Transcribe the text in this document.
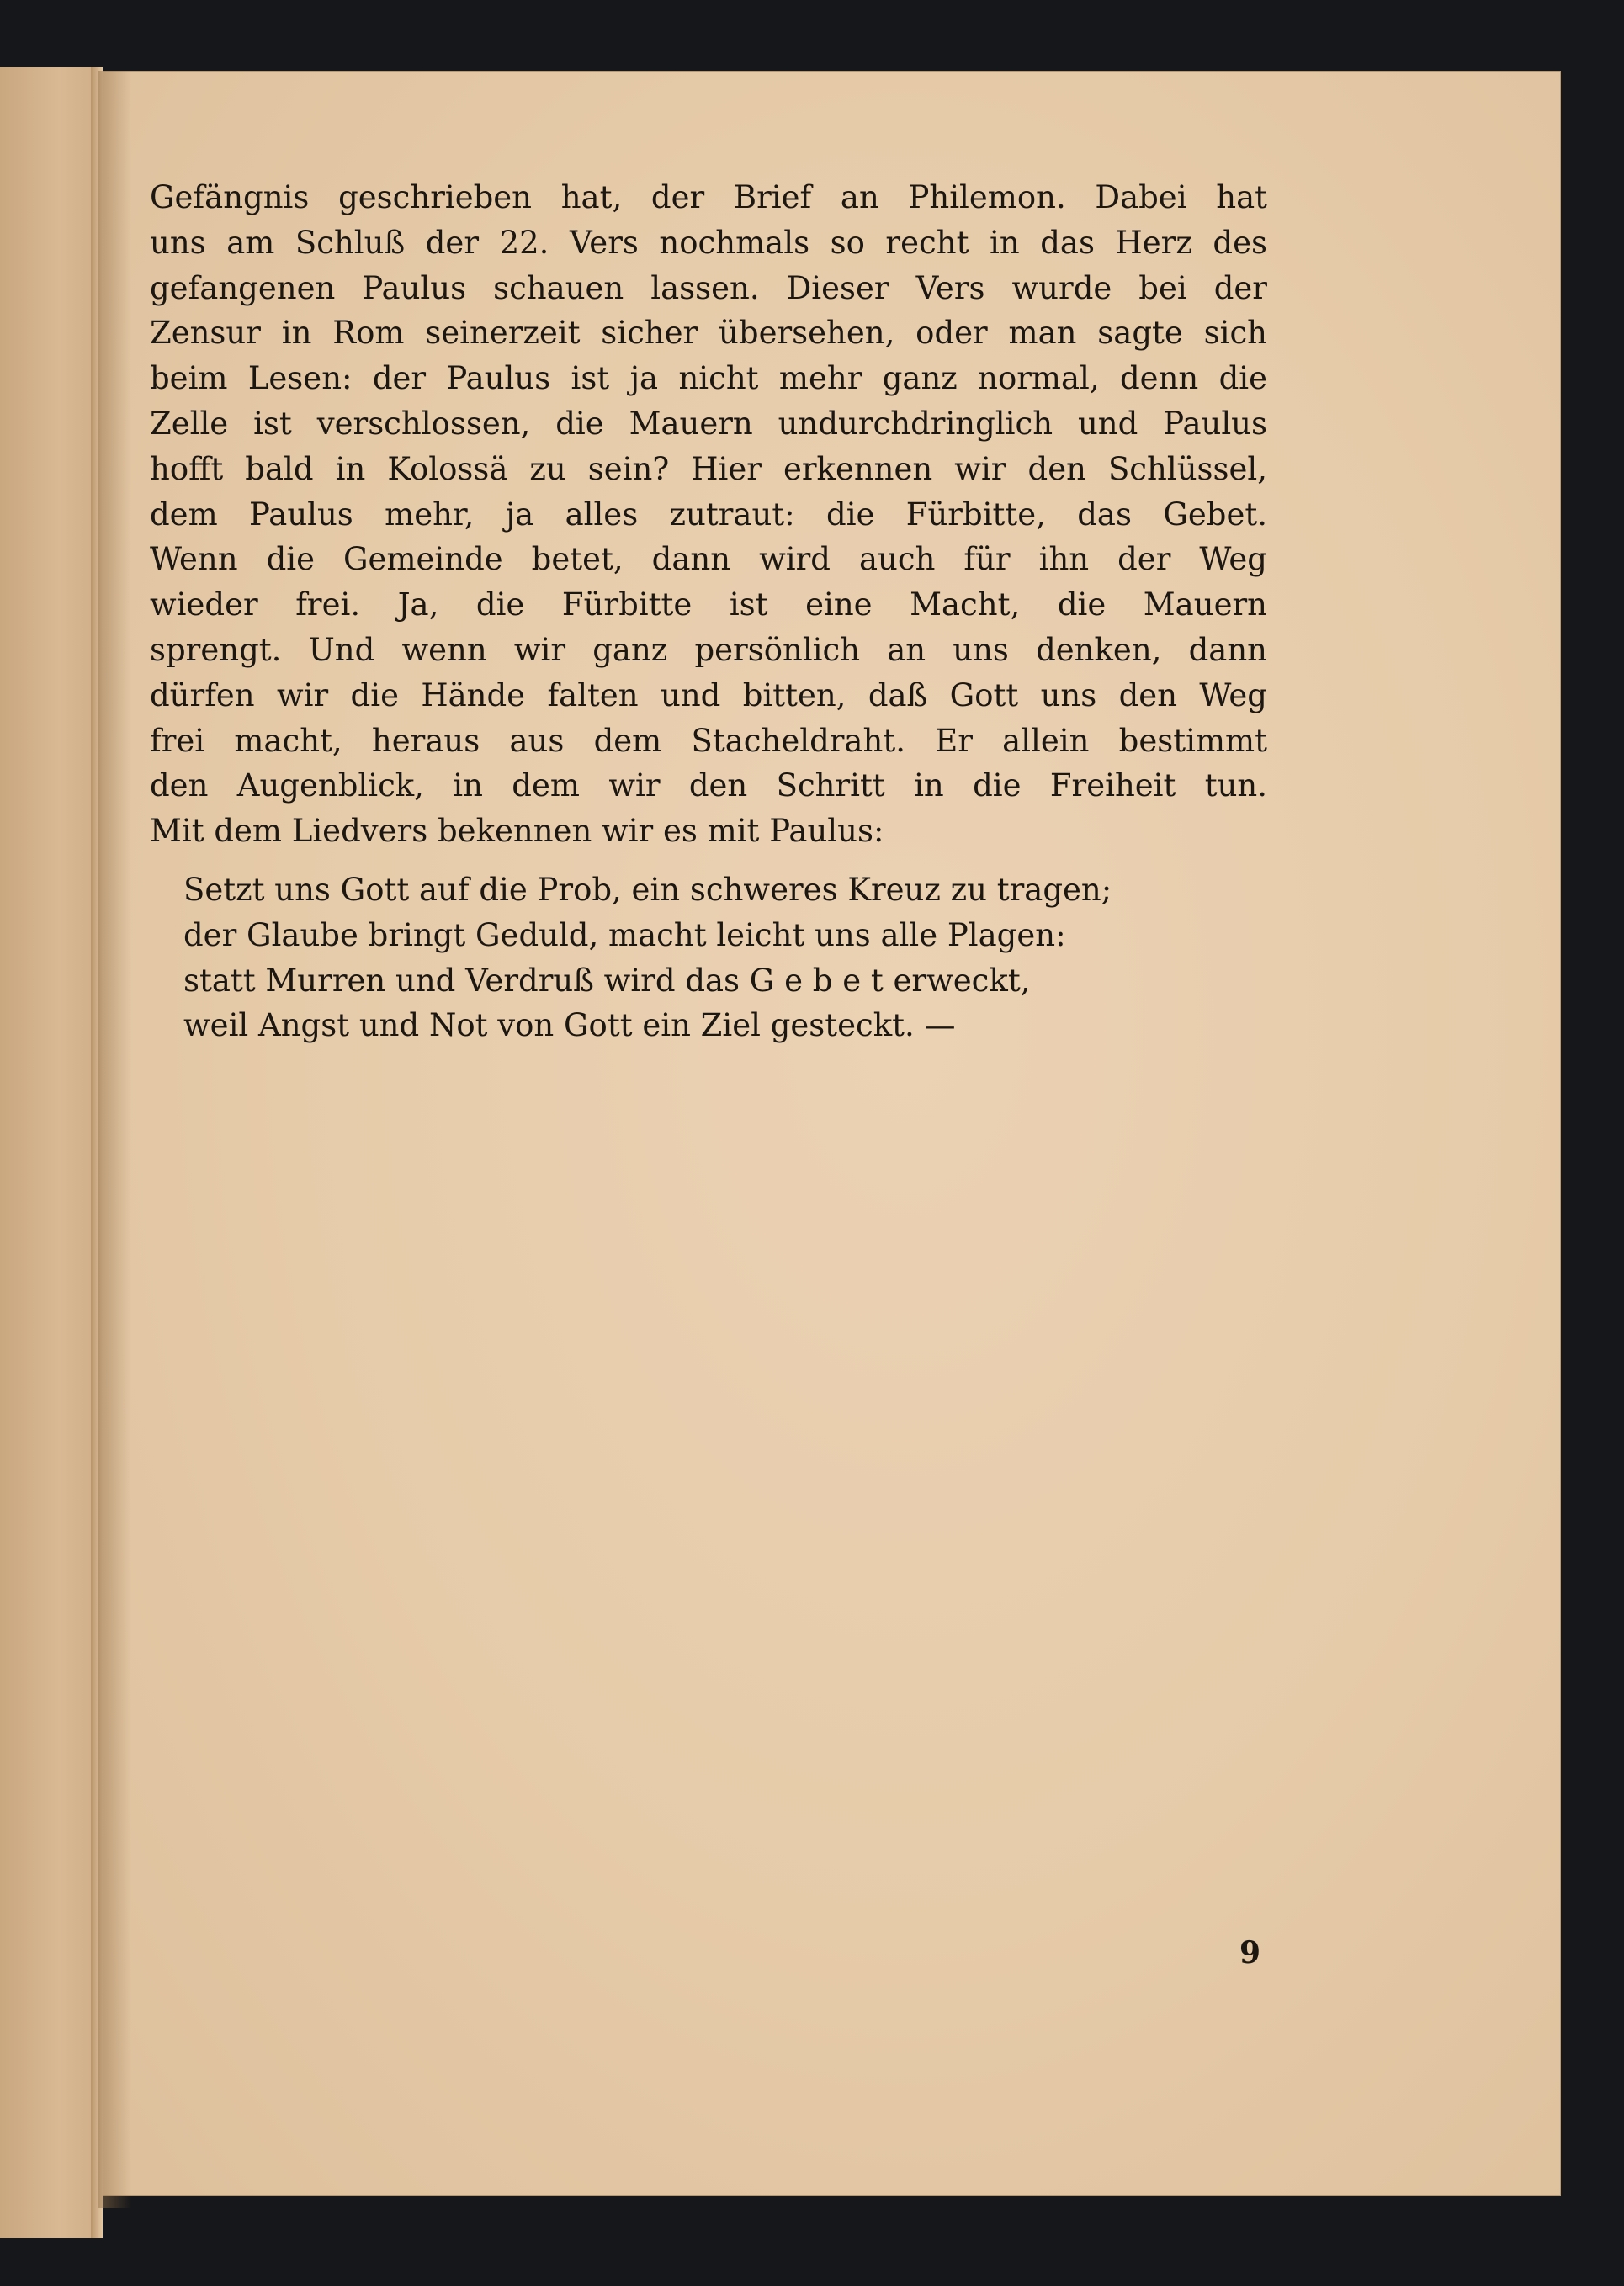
Gefängnis geschrieben hat, der Brief an Philemon. Dabei hat
uns am Schluß der 22. Vers nochmals so recht in das Herz des
gefangenen Paulus schauen lassen. Dieser Vers wurde bei der
Zensur in Rom seinerzeit sicher übersehen, oder man sagte sich
beim Lesen: der Paulus ist ja nicht mehr ganz normal, denn die
Zelle ist verschlossen, die Mauern undurchdringlich und Paulus
hofft bald in Kolossä zu sein? Hier erkennen wir den Schlüssel,
dem Paulus mehr, ja alles zutraut: die Fürbitte, das Gebet.
Wenn die Gemeinde betet, dann wird auch für ihn der Weg
wieder frei. Ja, die Fürbitte ist eine Macht, die Mauern
sprengt. Und wenn wir ganz persönlich an uns denken, dann
dürfen wir die Hände falten und bitten, daß Gott uns den Weg
frei macht, heraus aus dem Stacheldraht. Er allein bestimmt
den Augenblick, in dem wir den Schritt in die Freiheit tun.
Mit dem Liedvers bekennen wir es mit Paulus:

Setzt uns Gott auf die Prob, ein schweres Kreuz zu tragen;
der Glaube bringt Geduld, macht leicht uns alle Plagen:
statt Murren und Verdruß wird das G e b e t erweckt,
weil Angst und Not von Gott ein Ziel gesteckt. —
9
